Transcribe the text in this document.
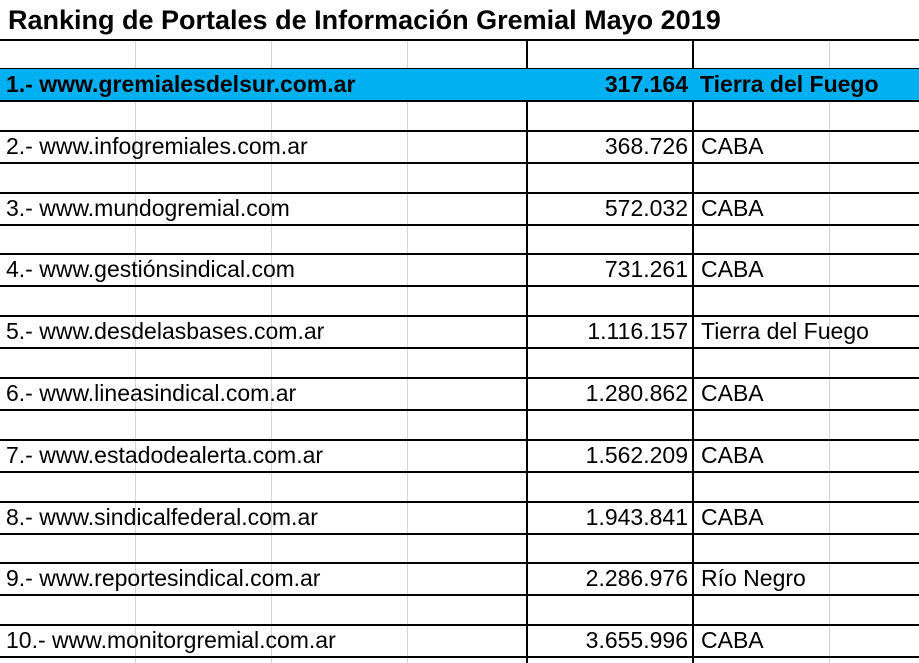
Ranking de Portales de Información Gremial Mayo 2019
1.- www.gremialesdelsur.com.ar	317.164 Tierra del Fuego
2.- www.infogremiales.com.ar	368.726 CABA
3.- www.mundogremial.com	572.032 CABA
4.- www.gestiónsindical.com	731.261 CABA
5.- www.desdelasbases.com.ar	1.116.157 Tierra del Fuego
6.- www.lineasindical.com.ar	1.280.862 CABA
7.- www.estadodealerta.com.ar	1.562.209 CABA
8.- www.sindicalfederal.com.ar	1.943.841 CABA
9.- www.reportesindical.com.ar	2.286.976 Río Negro
10.- www.monitorgremial.com.ar	3.655.996 CABA
